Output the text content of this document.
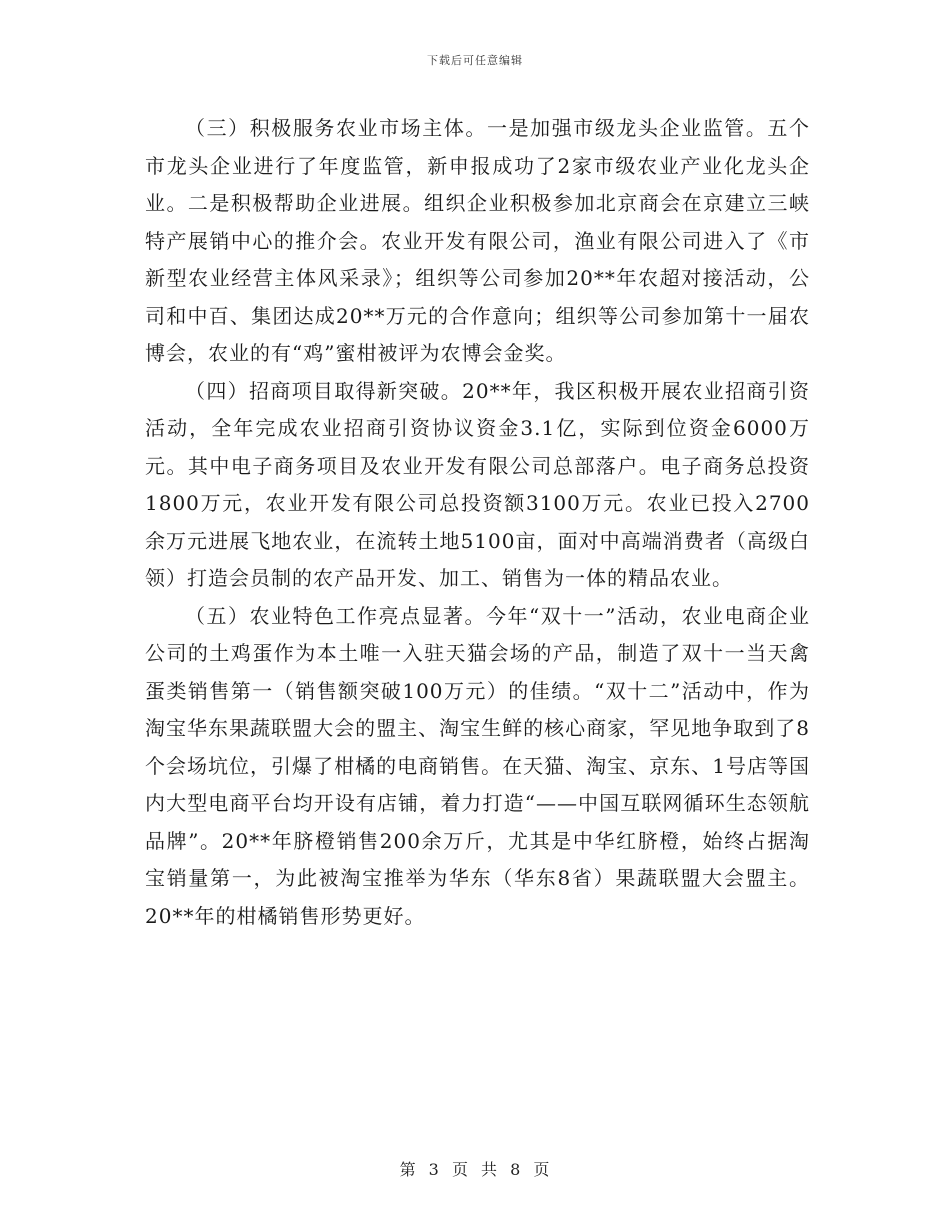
下载后可任意编辑

（三）积极服务农业市场主体。一是加强市级龙头企业监管。五个市龙头企业进行了年度监管，新申报成功了2家市级农业产业化龙头企业。二是积极帮助企业进展。组织企业积极参加北京商会在京建立三峡特产展销中心的推介会。农业开发有限公司，渔业有限公司进入了《市新型农业经营主体风采录》；组织等公司参加20**年农超对接活动，公司和中百、集团达成20**万元的合作意向；组织等公司参加第十一届农博会，农业的有“鸡”蜜柑被评为农博会金奖。

（四）招商项目取得新突破。20**年，我区积极开展农业招商引资活动，全年完成农业招商引资协议资金3.1亿，实际到位资金6000万元。其中电子商务项目及农业开发有限公司总部落户。电子商务总投资1800万元，农业开发有限公司总投资额3100万元。农业已投入2700余万元进展飞地农业，在流转土地5100亩，面对中高端消费者（高级白领）打造会员制的农产品开发、加工、销售为一体的精品农业。

（五）农业特色工作亮点显著。今年“双十一”活动，农业电商企业公司的土鸡蛋作为本土唯一入驻天猫会场的产品，制造了双十一当天禽蛋类销售第一（销售额突破100万元）的佳绩。“双十二”活动中，作为淘宝华东果蔬联盟大会的盟主、淘宝生鲜的核心商家，罕见地争取到了8个会场坑位，引爆了柑橘的电商销售。在天猫、淘宝、京东、1号店等国内大型电商平台均开设有店铺，着力打造“——中国互联网循环生态领航品牌”。20**年脐橙销售200余万斤，尤其是中华红脐橙，始终占据淘宝销量第一，为此被淘宝推举为华东（华东8省）果蔬联盟大会盟主。20**年的柑橘销售形势更好。

第 3 页 共 8 页
